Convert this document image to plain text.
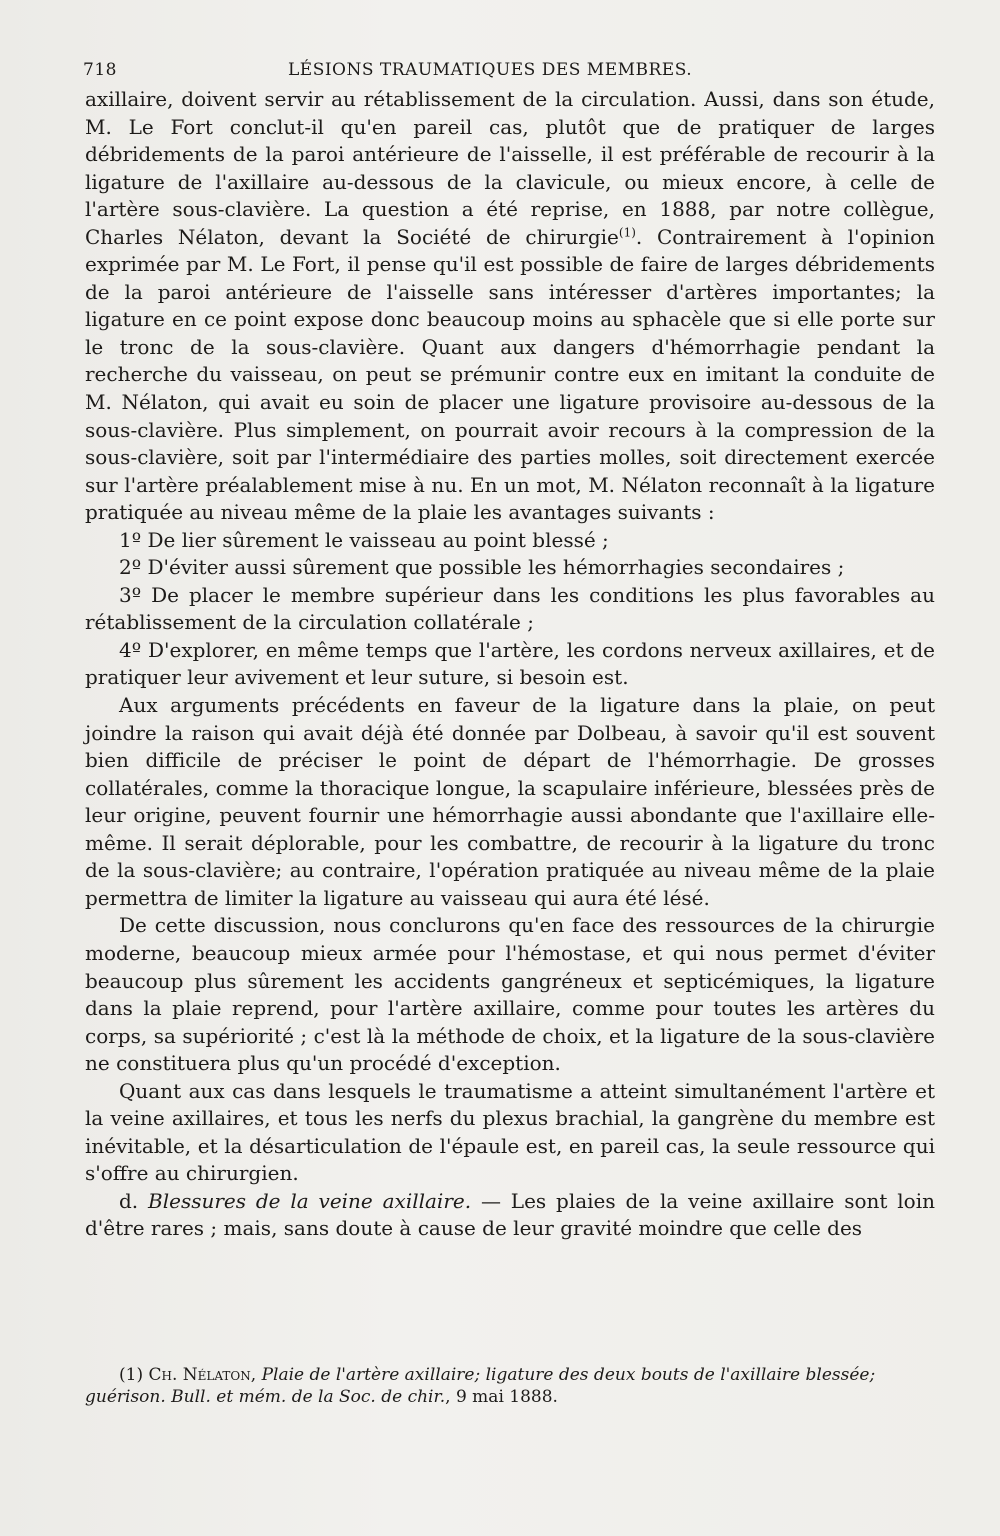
718	LÉSIONS TRAUMATIQUES DES MEMBRES.

axillaire, doivent servir au rétablissement de la circulation. Aussi, dans son étude, M. Le Fort conclut-il qu'en pareil cas, plutôt que de pratiquer de larges débridements de la paroi antérieure de l'aisselle, il est préférable de recourir à la ligature de l'axillaire au-dessous de la clavicule, ou mieux encore, à celle de l'artère sous-clavière. La question a été reprise, en 1888, par notre collègue, Charles Nélaton, devant la Société de chirurgie$^{(1)}$. Contrairement à l'opinion exprimée par M. Le Fort, il pense qu'il est possible de faire de larges débridements de la paroi antérieure de l'aisselle sans intéresser d'artères importantes; la ligature en ce point expose donc beaucoup moins au sphacèle que si elle porte sur le tronc de la sous-clavière. Quant aux dangers d'hémorrhagie pendant la recherche du vaisseau, on peut se prémunir contre eux en imitant la conduite de M. Nélaton, qui avait eu soin de placer une ligature provisoire au-dessous de la sous-clavière. Plus simplement, on pourrait avoir recours à la compression de la sous-clavière, soit par l'intermédiaire des parties molles, soit directement exercée sur l'artère préalablement mise à nu. En un mot, M. Nélaton reconnaît à la ligature pratiquée au niveau même de la plaie les avantages suivants :

1º De lier sûrement le vaisseau au point blessé ;

2º D'éviter aussi sûrement que possible les hémorrhagies secondaires ;

3º De placer le membre supérieur dans les conditions les plus favorables au rétablissement de la circulation collatérale ;

4º D'explorer, en même temps que l'artère, les cordons nerveux axillaires, et de pratiquer leur avivement et leur suture, si besoin est.

Aux arguments précédents en faveur de la ligature dans la plaie, on peut joindre la raison qui avait déjà été donnée par Dolbeau, à savoir qu'il est souvent bien difficile de préciser le point de départ de l'hémorrhagie. De grosses collatérales, comme la thoracique longue, la scapulaire inférieure, blessées près de leur origine, peuvent fournir une hémorrhagie aussi abondante que l'axillaire elle-même. Il serait déplorable, pour les combattre, de recourir à la ligature du tronc de la sous-clavière; au contraire, l'opération pratiquée au niveau même de la plaie permettra de limiter la ligature au vaisseau qui aura été lésé.

De cette discussion, nous conclurons qu'en face des ressources de la chirurgie moderne, beaucoup mieux armée pour l'hémostase, et qui nous permet d'éviter beaucoup plus sûrement les accidents gangréneux et septicémiques, la ligature dans la plaie reprend, pour l'artère axillaire, comme pour toutes les artères du corps, sa supériorité ; c'est là la méthode de choix, et la ligature de la sous-clavière ne constituera plus qu'un procédé d'exception.

Quant aux cas dans lesquels le traumatisme a atteint simultanément l'artère et la veine axillaires, et tous les nerfs du plexus brachial, la gangrène du membre est inévitable, et la désarticulation de l'épaule est, en pareil cas, la seule ressource qui s'offre au chirurgien.

d. Blessures de la veine axillaire. — Les plaies de la veine axillaire sont loin d'être rares ; mais, sans doute à cause de leur gravité moindre que celle des

(1) Ch. Nélaton, Plaie de l'artère axillaire; ligature des deux bouts de l'axillaire blessée; guérison. Bull. et mém. de la Soc. de chir., 9 mai 1888.
